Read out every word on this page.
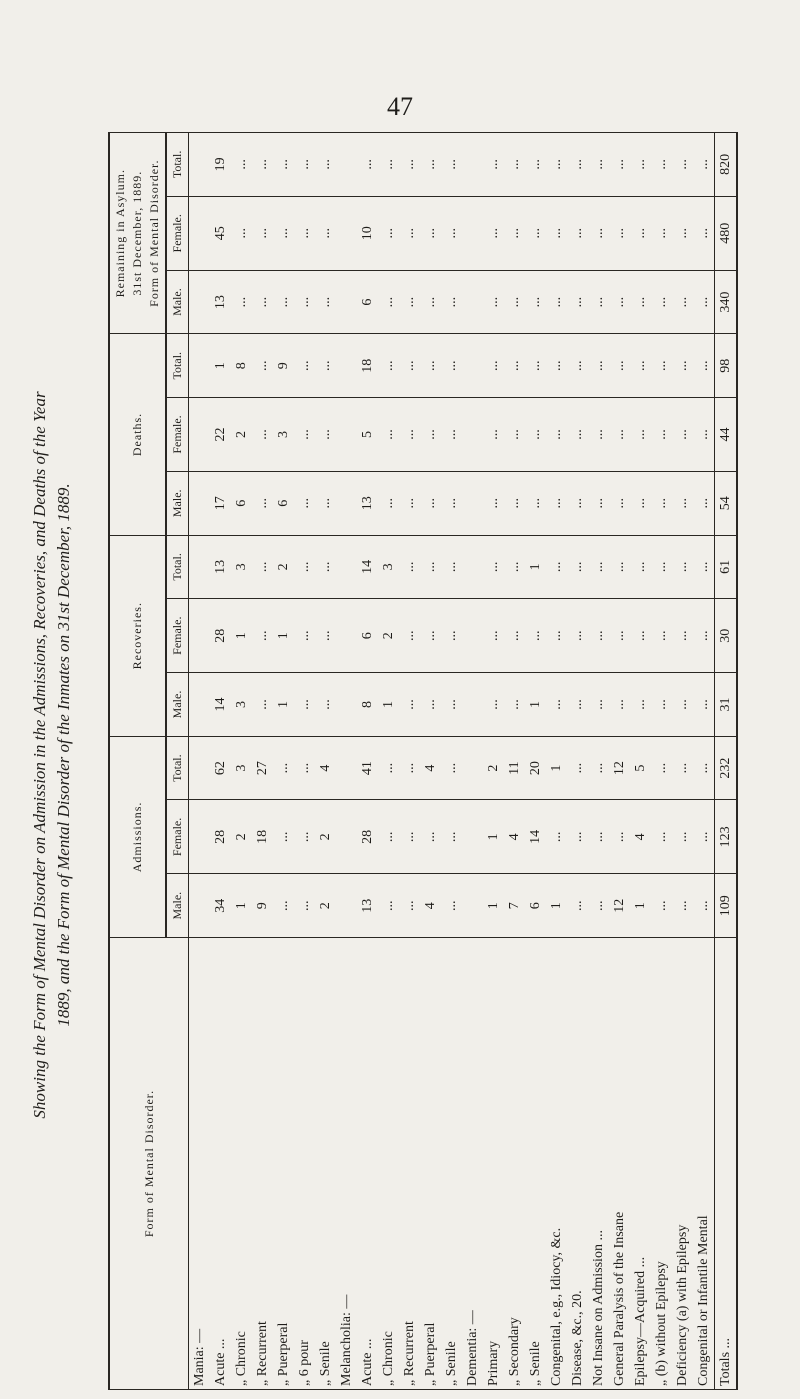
47
Showing the Form of Mental Disorder on Admission in the Admissions, Recoveries, and Deaths of the Year 1889, and the Form of Mental Disorder of the Inmates on 31st December, 1889.
Form of Mental Disorder.	Admissions.			Recoveries.			Deaths.			Remaining in Asylum. 31st December, 1889. Form of Mental Disorder.		

	Male.	Female.	Total.	Male.	Female.	Total.	Male.	Female.	Total.	Male.	Female.	Total.
Mania: —												
Acute ...	34	28	62	14	28	13	17	22	1	13	45	19
„ Chronic	1	2	3	3	1	3	6	2	8	...	...	...
„ Recurrent	9	18	27	...	...	...	...	...	...	...	...	...
„ Puerperal	...	...	...	1	1	2	6	3	9	...	...	...
„ 6 pour	...	...	...	...	...	...	...	...	...	...	...	...
„ Senile	2	2	4	...	...	...	...	...	...	...	...	...
Melancholia: —												
Acute ...	13	28	41	8	6	14	13	5	18	6	10	...
„ Chronic	...	...	...	1	2	3	...	...	...	...	...	...
„ Recurrent	...	...	...	...	...	...	...	...	...	...	...	...
„ Puerperal	4	...	4	...	...	...	...	...	...	...	...	...
„ Senile	...	...	...	...	...	...	...	...	...	...	...	...
Dementia: —												
Primary	1	1	2	...	...	...	...	...	...	...	...	...
„ Secondary	7	4	11	...	...	...	...	...	...	...	...	...
„ Senile	6	14	20	1	...	1	...	...	...	...	...	...
Congenital, e.g., Idiocy, &c.	1	...	1	...	...	...	...	...	...	...	...	...
Disease, &c., 20.	...	...	...	...	...	...	...	...	...	...	...	...
Not Insane on Admission ...	...	...	...	...	...	...	...	...	...	...	...	...
General Paralysis of the Insane	12	...	12	...	...	...	...	...	...	...	...	...
Epilepsy—Acquired ...	1	4	5	...	...	...	...	...	...	...	...	...
„ (b) without Epilepsy	...	...	...	...	...	...	...	...	...	...	...	...
Deficiency (a) with Epilepsy	...	...	...	...	...	...	...	...	...	...	...	...
Congenital or Infantile Mental	...	...	...	...	...	...	...	...	...	...	...	...
Totals ...	109	123	232	31	30	61	54	44	98	340	480	820
